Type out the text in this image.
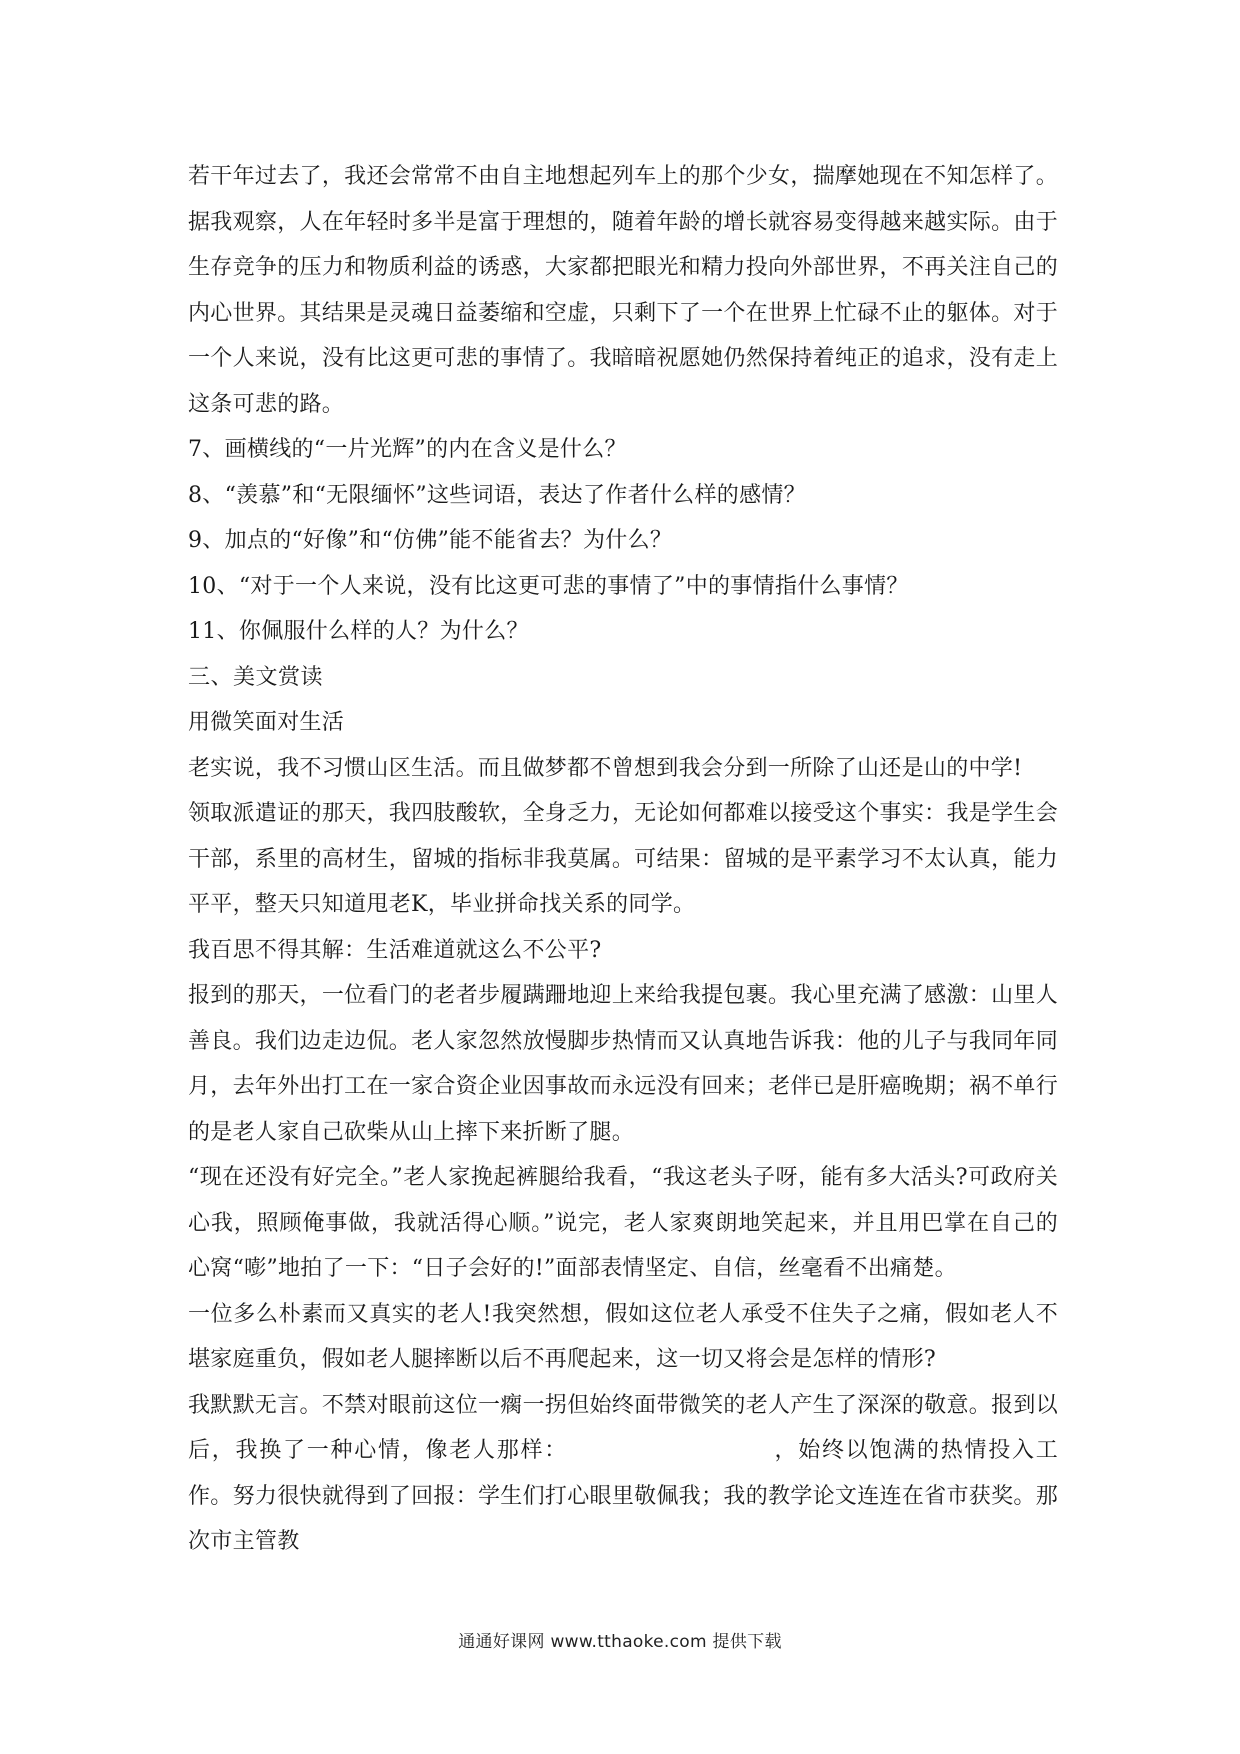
若干年过去了，我还会常常不由自主地想起列车上的那个少女，揣摩她现在不知怎样了。据我观察，人在年轻时多半是富于理想的，随着年龄的增长就容易变得越来越实际。由于生存竞争的压力和物质利益的诱惑，大家都把眼光和精力投向外部世界，不再关注自己的内心世界。其结果是灵魂日益萎缩和空虚，只剩下了一个在世界上忙碌不止的躯体。对于一个人来说，没有比这更可悲的事情了。我暗暗祝愿她仍然保持着纯正的追求，没有走上这条可悲的路。

7、画横线的“一片光辉”的内在含义是什么？

8、“羡慕”和“无限缅怀”这些词语，表达了作者什么样的感情？

9、加点的“好像”和“仿佛”能不能省去？为什么？

10、“对于一个人来说，没有比这更可悲的事情了”中的事情指什么事情？

11、你佩服什么样的人？为什么？

三、美文赏读

用微笑面对生活

老实说，我不习惯山区生活。而且做梦都不曾想到我会分到一所除了山还是山的中学!

领取派遣证的那天，我四肢酸软，全身乏力，无论如何都难以接受这个事实：我是学生会干部，系里的高材生，留城的指标非我莫属。可结果：留城的是平素学习不太认真，能力平平，整天只知道甩老K，毕业拼命找关系的同学。

我百思不得其解：生活难道就这么不公平?

报到的那天，一位看门的老者步履蹒跚地迎上来给我提包裹。我心里充满了感激：山里人善良。我们边走边侃。老人家忽然放慢脚步热情而又认真地告诉我：他的儿子与我同年同月，去年外出打工在一家合资企业因事故而永远没有回来；老伴已是肝癌晚期；祸不单行的是老人家自己砍柴从山上摔下来折断了腿。

“现在还没有好完全。”老人家挽起裤腿给我看，“我这老头子呀，能有多大活头?可政府关心我，照顾俺事做，我就活得心顺。”说完，老人家爽朗地笑起来，并且用巴掌在自己的心窝“嘭”地拍了一下：“日子会好的!”面部表情坚定、自信，丝毫看不出痛楚。

一位多么朴素而又真实的老人!我突然想，假如这位老人承受不住失子之痛，假如老人不堪家庭重负，假如老人腿摔断以后不再爬起来，这一切又将会是怎样的情形?

我默默无言。不禁对眼前这位一瘸一拐但始终面带微笑的老人产生了深深的敬意。报到以后，我换了一种心情，像老人那样：	，始终以饱满的热情投入工作。努力很快就得到了回报：学生们打心眼里敬佩我；我的教学论文连连在省市获奖。那次市主管教

通通好课网 www.tthaoke.com 提供下载
